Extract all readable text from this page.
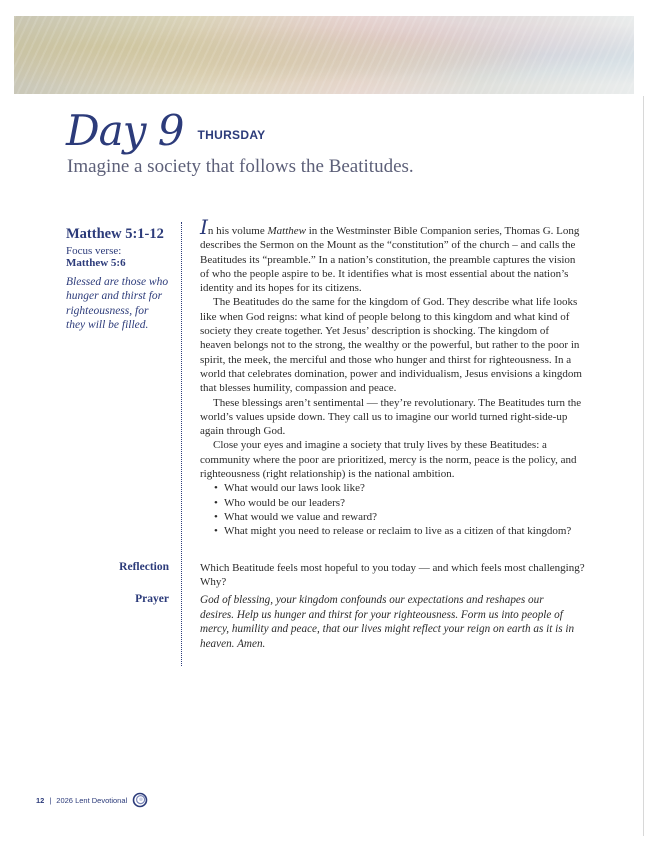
Day 9 THURSDAY
Imagine a society that follows the Beatitudes.
Matthew 5:1-12
Focus verse:
Matthew 5:6
Blessed are those who hunger and thirst for righteousness, for they will be filled.

In his volume Matthew in the Westminster Bible Companion series, Thomas G. Long describes the Sermon on the Mount as the “constitution” of the church – and calls the Beatitudes its “preamble.” In a nation’s constitution, the preamble captures the vision of who the people aspire to be. It identifies what is most essential about the nation’s identity and its hopes for its citizens.

The Beatitudes do the same for the kingdom of God. They describe what life looks like when God reigns: what kind of people belong to this kingdom and what kind of society they create together. Yet Jesus’ description is shocking. The kingdom of heaven belongs not to the strong, the wealthy or the powerful, but rather to the poor in spirit, the meek, the merciful and those who hunger and thirst for righteousness. In a world that celebrates domination, power and individualism, Jesus envisions a kingdom that blesses humility, compassion and peace.

These blessings aren’t sentimental — they’re revolutionary. The Beatitudes turn the world’s values upside down. They call us to imagine our world turned right-side-up again through God.

Close your eyes and imagine a society that truly lives by these Beatitudes: a community where the poor are prioritized, mercy is the norm, peace is the policy, and righteousness (right relationship) is the national ambition.

• What would our laws look like?
• Who would be our leaders?
• What would we value and reward?
• What might you need to release or reclaim to live as a citizen of that kingdom?
Reflection	Which Beatitude feels most hopeful to you today — and which feels most challenging? Why?
Prayer	God of blessing, your kingdom confounds our expectations and reshapes our desires. Help us hunger and thirst for your righteousness. Form us into people of mercy, humility and peace, that our lives might reflect your reign on earth as it is in heaven. Amen.
12 | 2026 Lent Devotional
